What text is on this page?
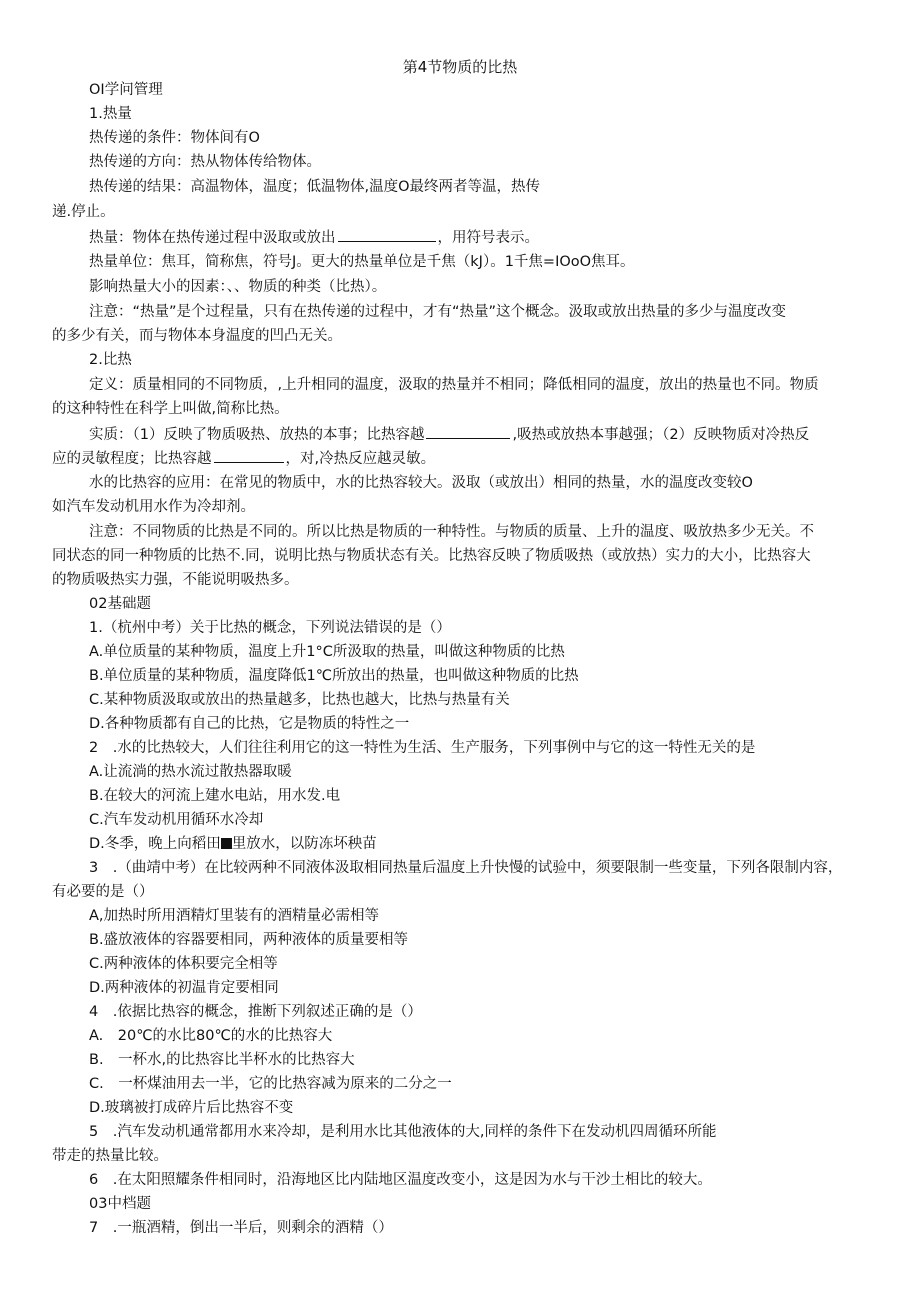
第4节物质的比热
OI学问管理
1.热量
热传递的条件：物体间有O
热传递的方向：热从物体传给物体。
热传递的结果：高温物体，温度；低温物体,温度O最终两者等温，热传
递.停止。
热量：物体在热传递过程中汲取或放出	，用符号表示。
热量单位：焦耳，简称焦，符号J。更大的热量单位是千焦（kJ）。1千焦=IOoO焦耳。
影响热量大小的因素：、、物质的种类（比热）。
注意：“热量”是个过程量，只有在热传递的过程中，才有“热量”这个概念。汲取或放出热量的多少与温度改变
的多少有关，而与物体本身温度的凹凸无关。
2.比热
定义：质量相同的不同物质，,上升相同的温度，汲取的热量并不相同；降低相同的温度，放出的热量也不同。物质
的这种特性在科学上叫做,简称比热。
实质：（1）反映了物质吸热、放热的本事；比热容越	,吸热或放热本事越强；（2）反映物质对冷热反
应的灵敏程度；比热容越	，对,冷热反应越灵敏。
水的比热容的应用：在常见的物质中，水的比热容较大。汲取（或放出）相同的热量，水的温度改变较O
如汽车发动机用水作为冷却剂。
注意：不同物质的比热是不同的。所以比热是物质的一种特性。与物质的质量、上升的温度、吸放热多少无关。不
同状态的同一种物质的比热不.同，说明比热与物质状态有关。比热容反映了物质吸热（或放热）实力的大小，比热容大
的物质吸热实力强，不能说明吸热多。
02基础题
1.（杭州中考）关于比热的概念，下列说法错误的是（）
A.单位质量的某种物质，温度上升1°C所汲取的热量，叫做这种物质的比热
B.单位质量的某种物质，温度降低1℃所放出的热量，也叫做这种物质的比热
C.某种物质汲取或放出的热量越多，比热也越大，比热与热量有关
D.各种物质都有自己的比热，它是物质的特性之一
2　.水的比热较大，人们往往利用它的这一特性为生活、生产服务，下列事例中与它的这一特性无关的是
A.让流淌的热水流过散热器取暖
B.在较大的河流上建水电站，用水发.电
C.汽车发动机用循环水冷却
D.冬季，晚上向稻田 里放水，以防冻坏秧苗
3　.（曲靖中考）在比较两种不同液体汲取相同热量后温度上升快慢的试验中，须要限制一些变量，下列各限制内容，
有必要的是（）
A,加热时所用酒精灯里装有的酒精量必需相等
B.盛放液体的容器要相同，两种液体的质量要相等
C.两种液体的体积要完全相等
D.两种液体的初温肯定要相同
4　.依据比热容的概念，推断下列叙述正确的是（）
A.　20℃的水比80℃的水的比热容大
B.　一杯水,的比热容比半杯水的比热容大
C.　一杯煤油用去一半，它的比热容减为原来的二分之一
D.玻璃被打成碎片后比热容不变
5　.汽车发动机通常都用水来冷却，是利用水比其他液体的大,同样的条件下在发动机四周循环所能
带走的热量比较。
6　.在太阳照耀条件相同时，沿海地区比内陆地区温度改变小，这是因为水与干沙土相比的较大。
03中档题
7　.一瓶酒精，倒出一半后，则剩余的酒精（）
